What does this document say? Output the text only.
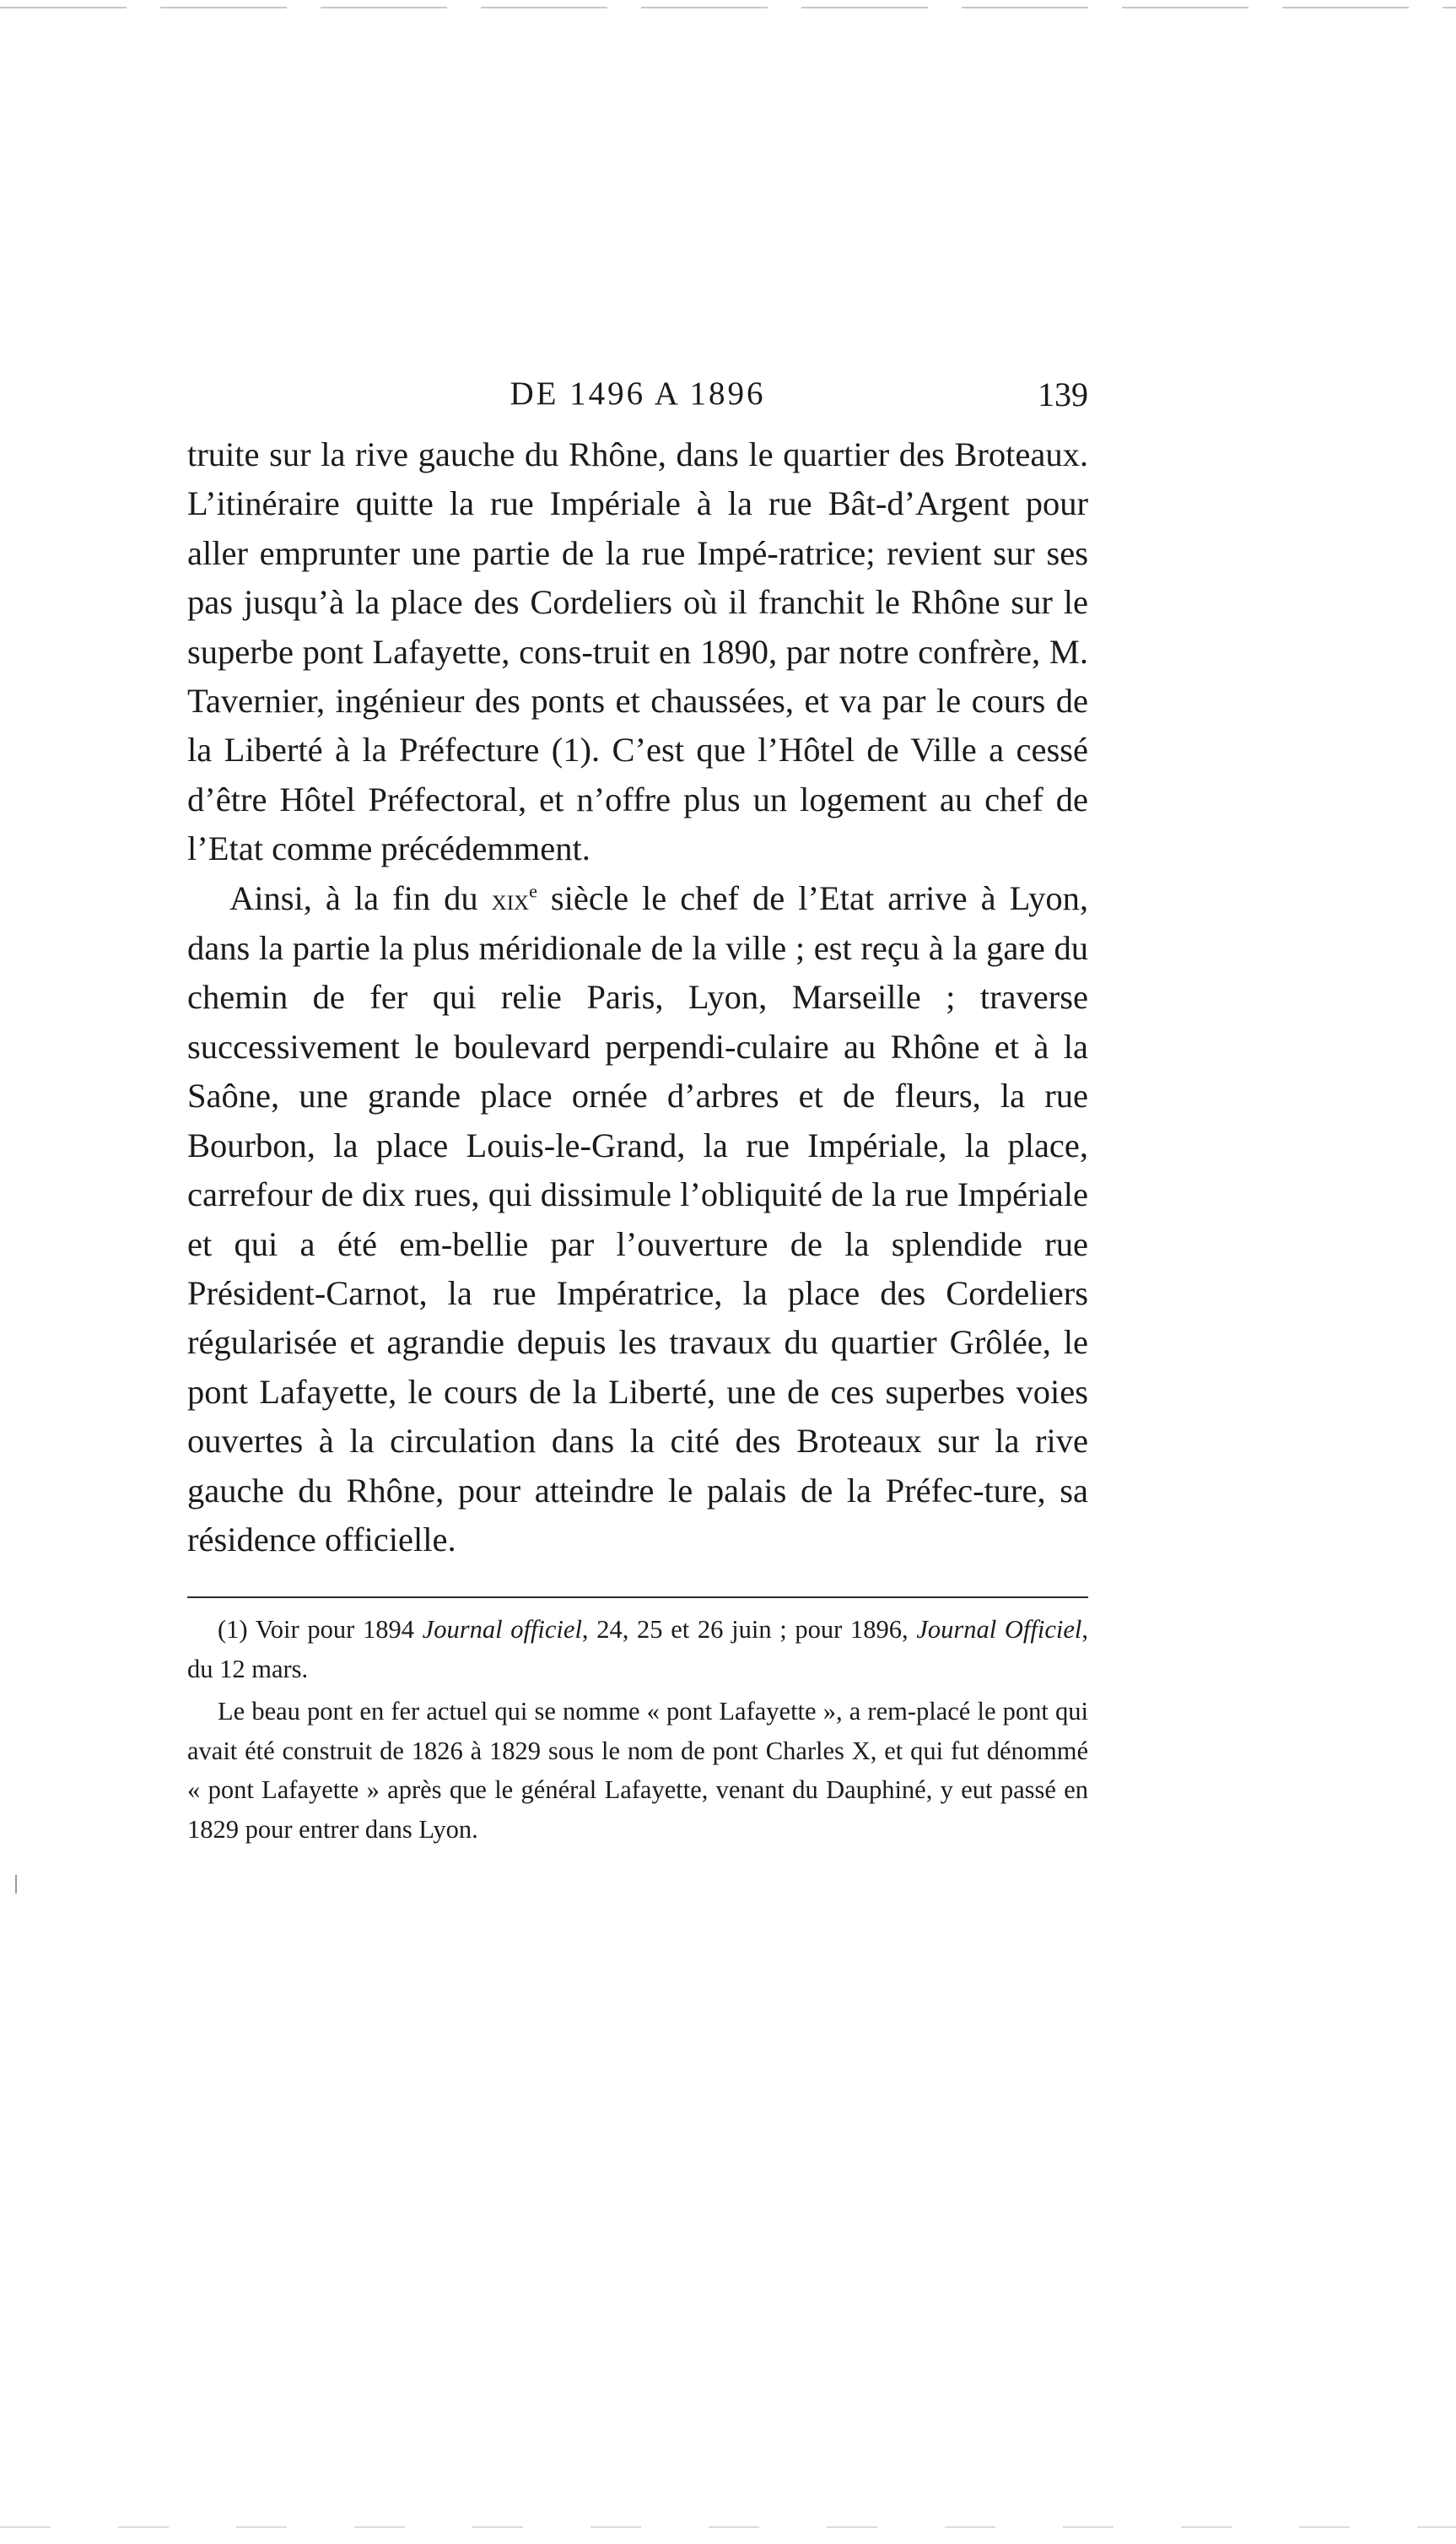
DE 1496 A 1896	139

truite sur la rive gauche du Rhône, dans le quartier des Broteaux. L’itinéraire quitte la rue Impériale à la rue Bât-d’Argent pour aller emprunter une partie de la rue Impé-ratrice; revient sur ses pas jusqu’à la place des Cordeliers où il franchit le Rhône sur le superbe pont Lafayette, cons-truit en 1890, par notre confrère, M. Tavernier, ingénieur des ponts et chaussées, et va par le cours de la Liberté à la Préfecture (1). C’est que l’Hôtel de Ville a cessé d’être Hôtel Préfectoral, et n’offre plus un logement au chef de l’Etat comme précédemment.

Ainsi, à la fin du xix$^e$ siècle le chef de l’Etat arrive à Lyon, dans la partie la plus méridionale de la ville ; est reçu à la gare du chemin de fer qui relie Paris, Lyon, Marseille ; traverse successivement le boulevard perpendi-culaire au Rhône et à la Saône, une grande place ornée d’arbres et de fleurs, la rue Bourbon, la place Louis-le-Grand, la rue Impériale, la place, carrefour de dix rues, qui dissimule l’obliquité de la rue Impériale et qui a été em-bellie par l’ouverture de la splendide rue Président-Carnot, la rue Impératrice, la place des Cordeliers régularisée et agrandie depuis les travaux du quartier Grôlée, le pont Lafayette, le cours de la Liberté, une de ces superbes voies ouvertes à la circulation dans la cité des Broteaux sur la rive gauche du Rhône, pour atteindre le palais de la Préfec-ture, sa résidence officielle.

(1) Voir pour 1894 Journal officiel, 24, 25 et 26 juin ; pour 1896, Journal Officiel, du 12 mars.

Le beau pont en fer actuel qui se nomme « pont Lafayette », a rem-placé le pont qui avait été construit de 1826 à 1829 sous le nom de pont Charles X, et qui fut dénommé « pont Lafayette » après que le général Lafayette, venant du Dauphiné, y eut passé en 1829 pour entrer dans Lyon.
